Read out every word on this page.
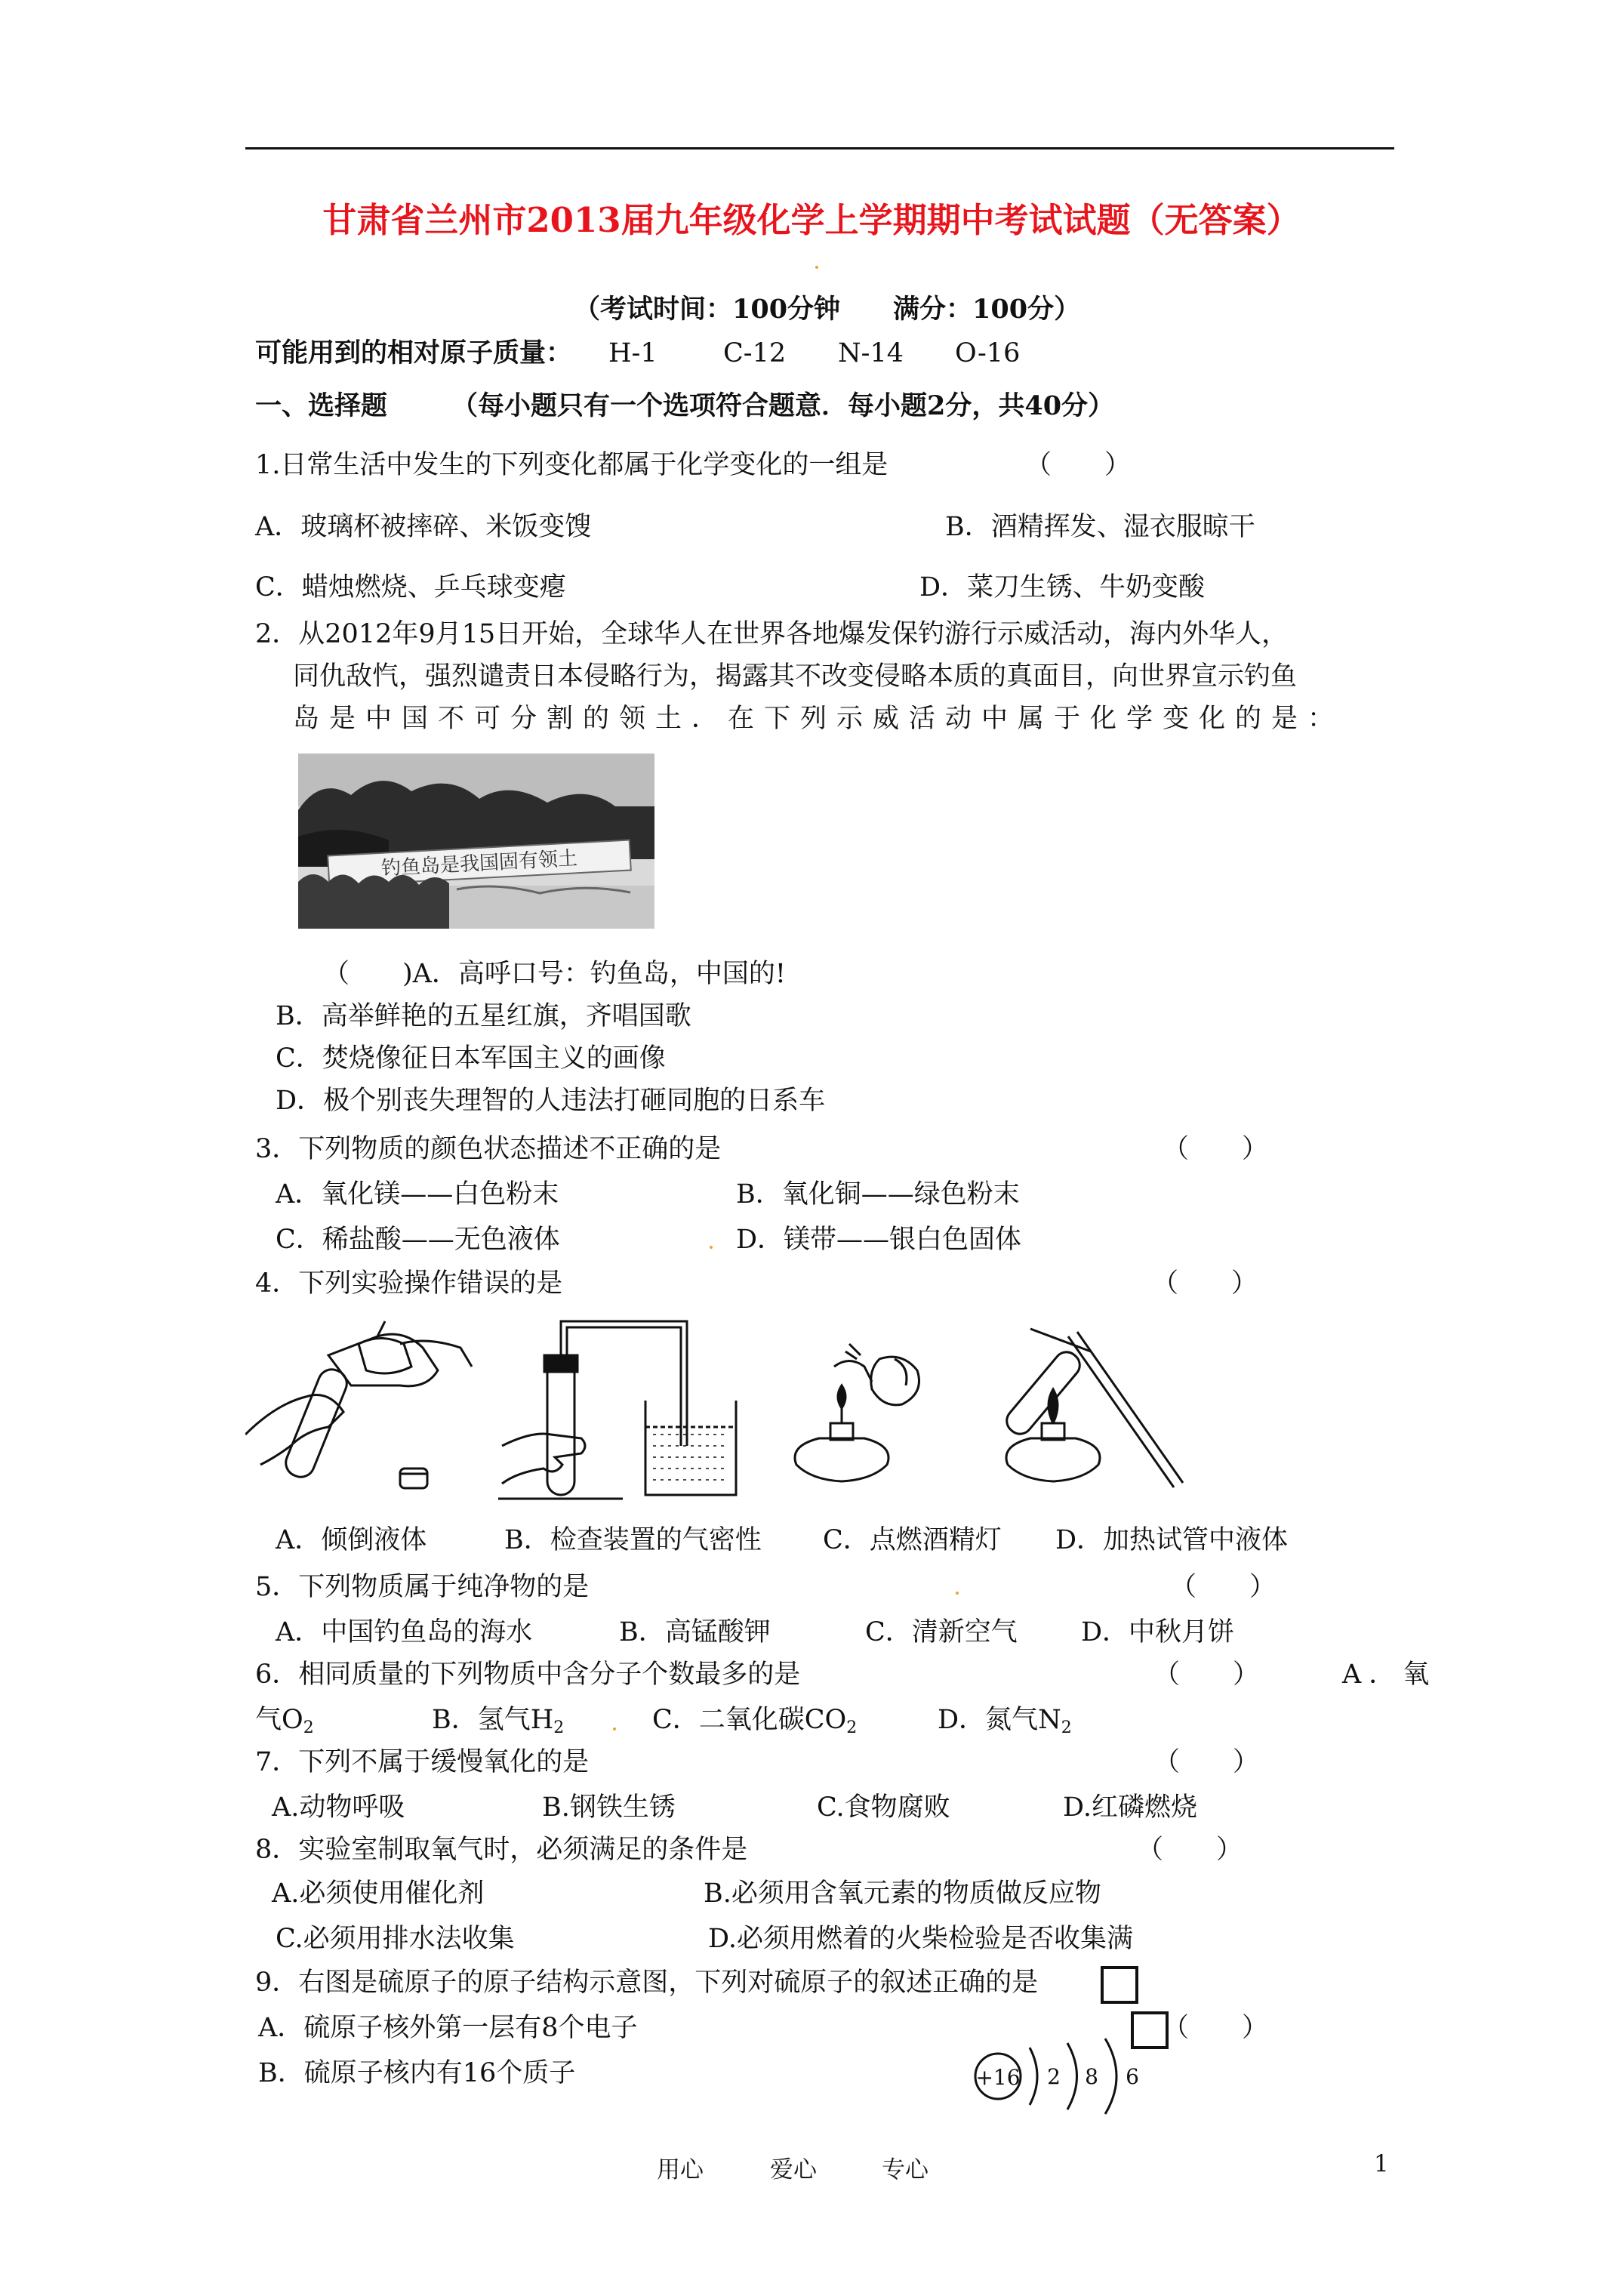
甘肃省兰州市2013届九年级化学上学期期中考试试题（无答案）
（考试时间：100分钟　　满分：100分）
可能用到的相对原子质量： H-1 C-12 N-14 O-16
一、选择题 （每小题只有一个选项符合题意．每小题2分，共40分）
1.日常生活中发生的下列变化都属于化学变化的一组是	（　　）
A．玻璃杯被摔碎、米饭变馊	B．酒精挥发、湿衣服晾干
C．蜡烛燃烧、乒乓球变瘪	D．菜刀生锈、牛奶变酸
2．从2012年9月15日开始，全球华人在世界各地爆发保钓游行示威活动，海内外华人，
同仇敌忾，强烈谴责日本侵略行为，揭露其不改变侵略本质的真面目，向世界宣示钓鱼
岛是中国不可分割的领土．在下列示威活动中属于化学变化的是：
钓鱼岛是我国固有领土
（　　)A．高呼口号：钓鱼岛，中国的!
B．高举鲜艳的五星红旗，齐唱国歌
C．焚烧像征日本军国主义的画像
D．极个别丧失理智的人违法打砸同胞的日系车
3．下列物质的颜色状态描述不正确的是	（　　）
A．氧化镁——白色粉末	B．氧化铜——绿色粉末
C．稀盐酸——无色液体	D．镁带——银白色固体
4．下列实验操作错误的是	（　　）
A．倾倒液体	B．检查装置的气密性 C．点燃酒精灯 D．加热试管中液体
5．下列物质属于纯净物的是	（　　）
A．中国钓鱼岛的海水	B．高锰酸钾	C．清新空气 D．中秋月饼
6．相同质量的下列物质中含分子个数最多的是	（　　）	A．氧
气$O_2$	B．氢气$H_2$	C．二氧化碳$CO_2$	D．氮气$N_2$
7．下列不属于缓慢氧化的是	（　　）
A.动物呼吸	B.钢铁生锈	C.食物腐败	D.红磷燃烧
8．实验室制取氧气时，必须满足的条件是	（　　）
A.必须使用催化剂	B.必须用含氧元素的物质做反应物
C.必须用排水法收集	D.必须用燃着的火柴检验是否收集满
9．右图是硫原子的原子结构示意图，下列对硫原子的叙述正确的是
（　　）
A．硫原子核外第一层有8个电子
B．硫原子核内有16个质子	+16 2 8 6
用心	爱心	专心	1
